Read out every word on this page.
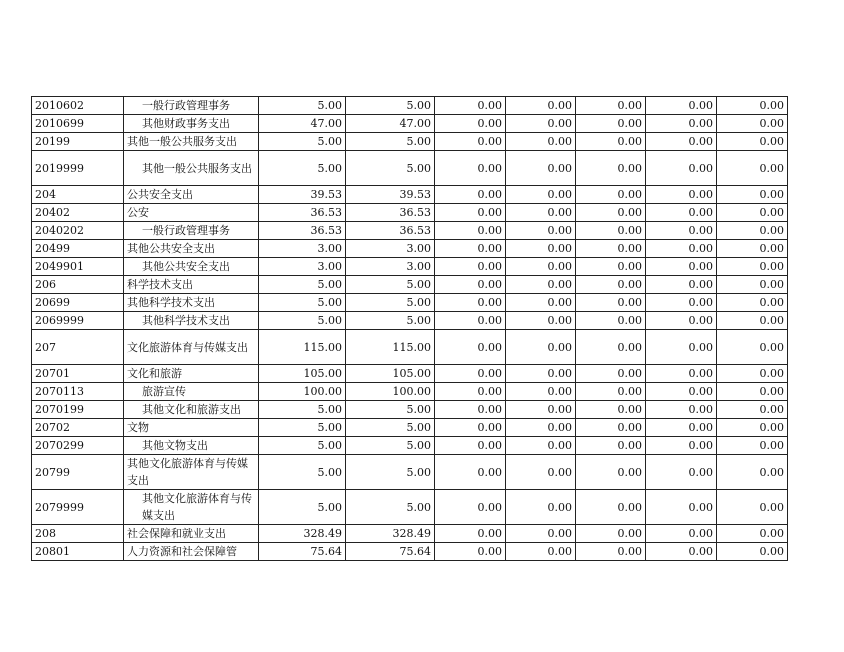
2010602	一般行政管理事务	5.00	5.00	0.00	0.00	0.00	0.00	0.00
2010699	其他财政事务支出	47.00	47.00	0.00	0.00	0.00	0.00	0.00
20199	其他一般公共服务支出	5.00	5.00	0.00	0.00	0.00	0.00	0.00
2019999	其他一般公共服务支出	5.00	5.00	0.00	0.00	0.00	0.00	0.00
204	公共安全支出	39.53	39.53	0.00	0.00	0.00	0.00	0.00
20402	公安	36.53	36.53	0.00	0.00	0.00	0.00	0.00
2040202	一般行政管理事务	36.53	36.53	0.00	0.00	0.00	0.00	0.00
20499	其他公共安全支出	3.00	3.00	0.00	0.00	0.00	0.00	0.00
2049901	其他公共安全支出	3.00	3.00	0.00	0.00	0.00	0.00	0.00
206	科学技术支出	5.00	5.00	0.00	0.00	0.00	0.00	0.00
20699	其他科学技术支出	5.00	5.00	0.00	0.00	0.00	0.00	0.00
2069999	其他科学技术支出	5.00	5.00	0.00	0.00	0.00	0.00	0.00
207	文化旅游体育与传媒支出	115.00	115.00	0.00	0.00	0.00	0.00	0.00
20701	文化和旅游	105.00	105.00	0.00	0.00	0.00	0.00	0.00
2070113	旅游宣传	100.00	100.00	0.00	0.00	0.00	0.00	0.00
2070199	其他文化和旅游支出	5.00	5.00	0.00	0.00	0.00	0.00	0.00
20702	文物	5.00	5.00	0.00	0.00	0.00	0.00	0.00
2070299	其他文物支出	5.00	5.00	0.00	0.00	0.00	0.00	0.00
20799	其他文化旅游体育与传媒支出	5.00	5.00	0.00	0.00	0.00	0.00	0.00
2079999	其他文化旅游体育与传媒支出	5.00	5.00	0.00	0.00	0.00	0.00	0.00
208	社会保障和就业支出	328.49	328.49	0.00	0.00	0.00	0.00	0.00
20801	人力资源和社会保障管	75.64	75.64	0.00	0.00	0.00	0.00	0.00
